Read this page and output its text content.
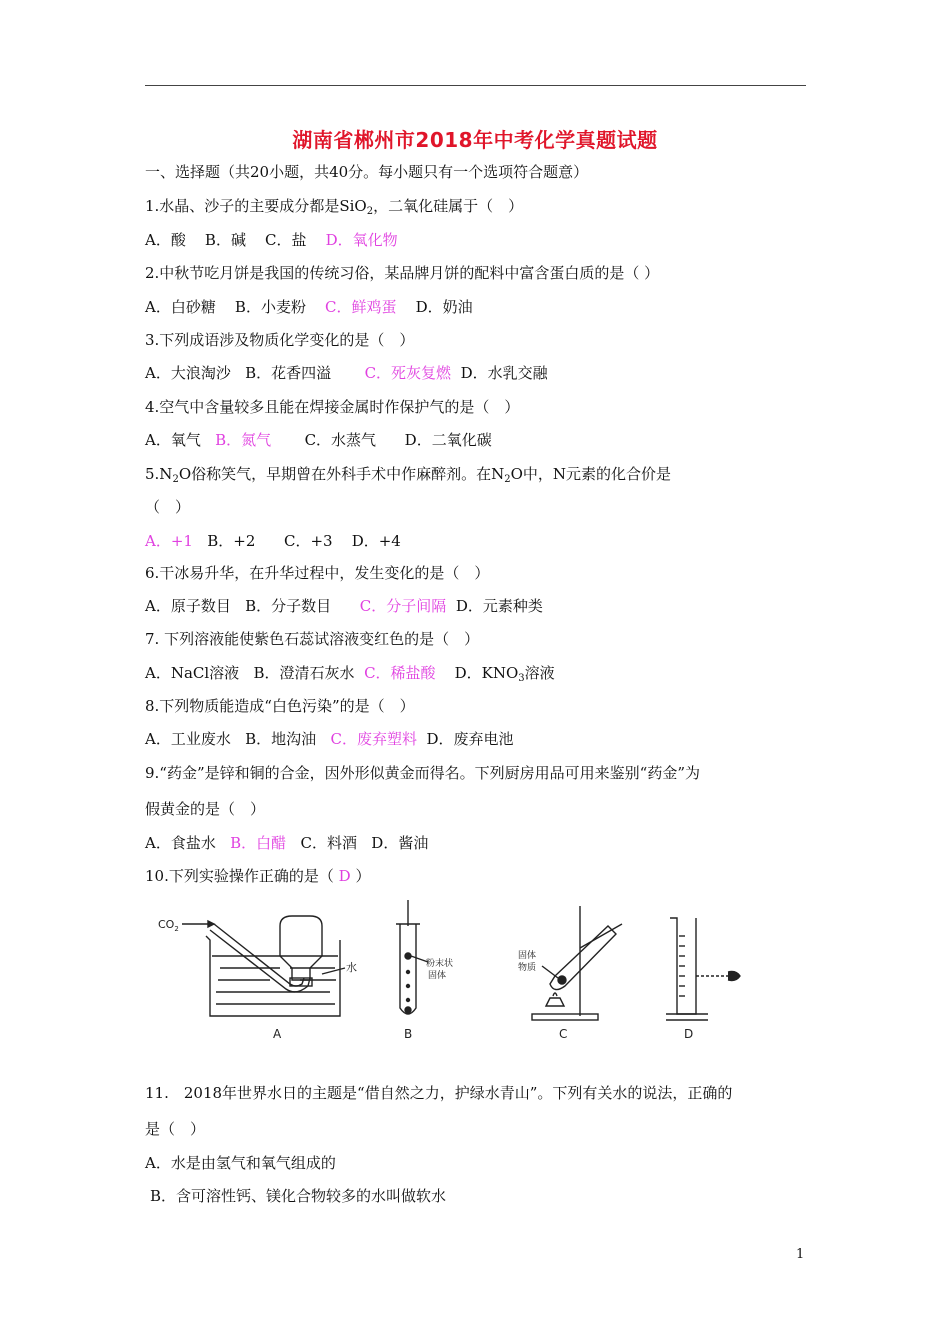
湖南省郴州市2018年中考化学真题试题
一、选择题（共20小题，共40分。每小题只有一个选项符合题意）
1.水晶、沙子的主要成分都是SiO$_2$，二氧化硅属于（　）
A．酸 B．碱 C．盐 D．氧化物
2.中秋节吃月饼是我国的传统习俗，某品牌月饼的配料中富含蛋白质的是（ ）
A．白砂糖 B．小麦粉 C．鲜鸡蛋 D．奶油
3.下列成语涉及物质化学变化的是（　）
A．大浪淘沙 B．花香四溢 C．死灰复燃 D．水乳交融
4.空气中含量较多且能在焊接金属时作保护气的是（　）
A．氧气 B．氮气 C．水蒸气 D．二氧化碳
$5.N_2O$俗称笑气，早期曾在外科手术中作麻醉剂。在$N_2O$中，N元素的化合价是
（　）
A．+1 B．+2 C．+3 D．+4
6.干冰易升华，在升华过程中，发生变化的是（　）
A．原子数目 B．分子数目 C．分子间隔 D．元素种类
7. 下列溶液能使紫色石蕊试溶液变红色的是（　）
A．NaCl溶液 B．澄清石灰水 C．稀盐酸 D．$KNO_3$溶液
8.下列物质能造成“白色污染”的是（　）
A．工业废水 B．地沟油 C．废弃塑料 D．废弃电池
9.“药金”是锌和铜的合金，因外形似黄金而得名。下列厨房用品可用来鉴别“药金”为
假黄金的是（　）
A．食盐水 B．白醋 C．料酒 D．酱油
10.下列实验操作正确的是（ D ）
$CO_2$
水
A
粉末状
固体
B
固体
物质
C	D
11.　2018年世界水日的主题是“借自然之力，护绿水青山”。下列有关水的说法，正确的
是（　）
A．水是由氢气和氧气组成的
B．含可溶性钙、镁化合物较多的水叫做软水
1
